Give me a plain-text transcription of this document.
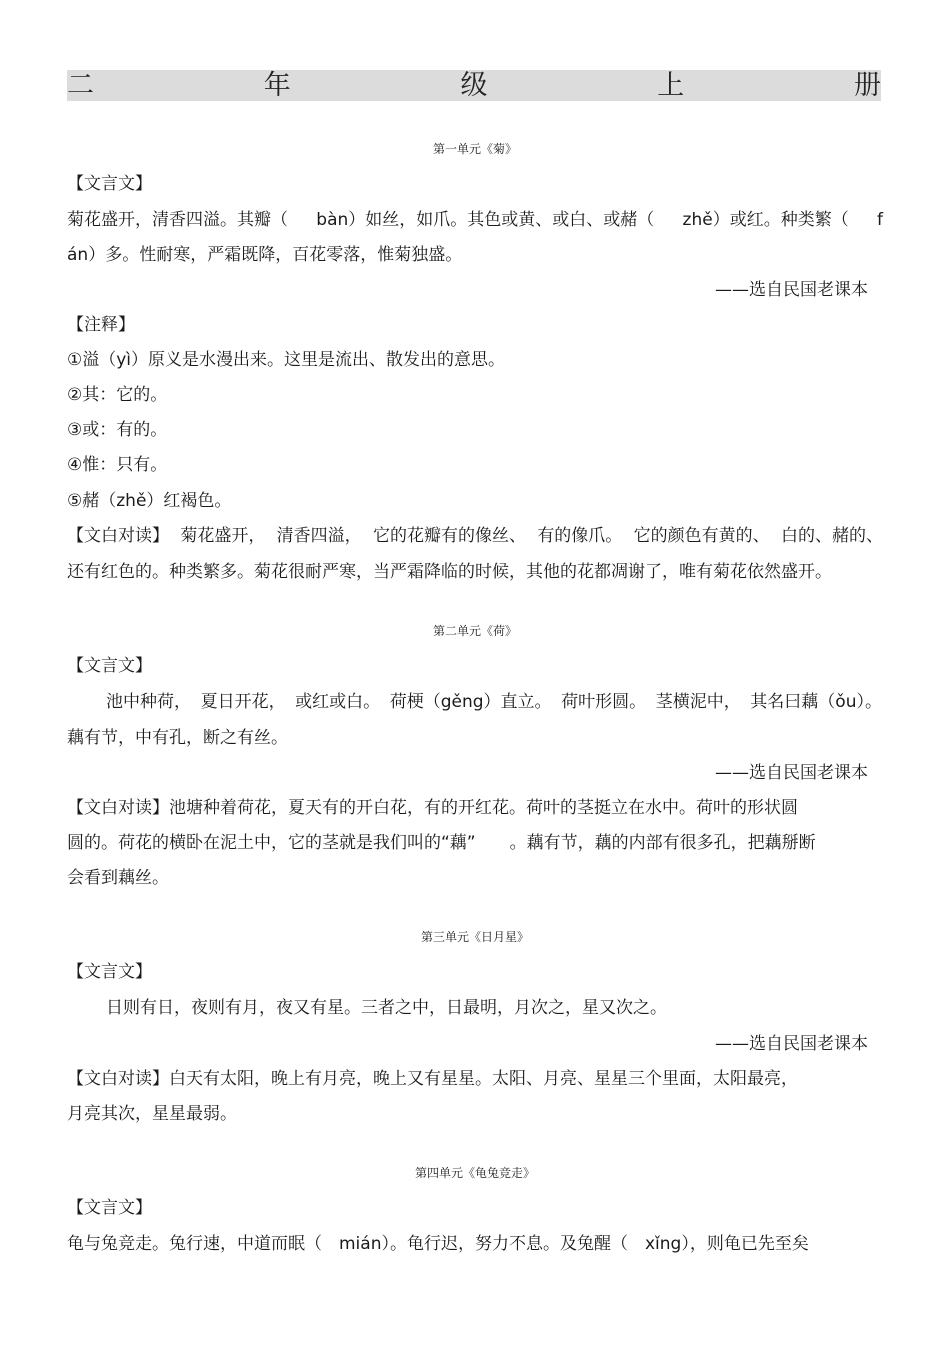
二	年	级	上	册
第一单元《菊》
【文言文】
菊花盛开，清香四溢。其瓣（ bàn）如丝，如爪。其色或黄、或白、或赭（ zhě）或红。种类繁（ f
án）多。性耐寒，严霜既降，百花零落，惟菊独盛。
——选自民国老课本
【注释】
①溢（yì）原义是水漫出来。这里是流出、散发出的意思。
②其：它的。
③或：有的。
④惟：只有。
⑤赭（zhě）红褐色。
【文白对读】 菊花盛开， 清香四溢， 它的花瓣有的像丝、 有的像爪。 它的颜色有黄的、 白的、赭的、
还有红色的。种类繁多。菊花很耐严寒，当严霜降临的时候，其他的花都凋谢了，唯有菊花依然盛开。
第二单元《荷》
【文言文】
池中种荷， 夏日开花， 或红或白。 荷梗（gěng）直立。 荷叶形圆。 茎横泥中， 其名曰藕（ǒu）。
藕有节，中有孔，断之有丝。
——选自民国老课本
【文白对读】池塘种着荷花，夏天有的开白花，有的开红花。荷叶的茎挺立在水中。荷叶的形状圆
圆的。荷花的横卧在泥土中，它的茎就是我们叫的“藕”　　。藕有节，藕的内部有很多孔，把藕掰断
会看到藕丝。
第三单元《日月星》
【文言文】
日则有日，夜则有月，夜又有星。三者之中，日最明，月次之，星又次之。
——选自民国老课本
【文白对读】白天有太阳，晚上有月亮，晚上又有星星。太阳、月亮、星星三个里面，太阳最亮，
月亮其次，星星最弱。
第四单元《龟兔竞走》
【文言文】
龟与兔竞走。兔行速，中道而眠（　mián）。龟行迟，努力不息。及兔醒（　xǐng），则龟已先至矣
